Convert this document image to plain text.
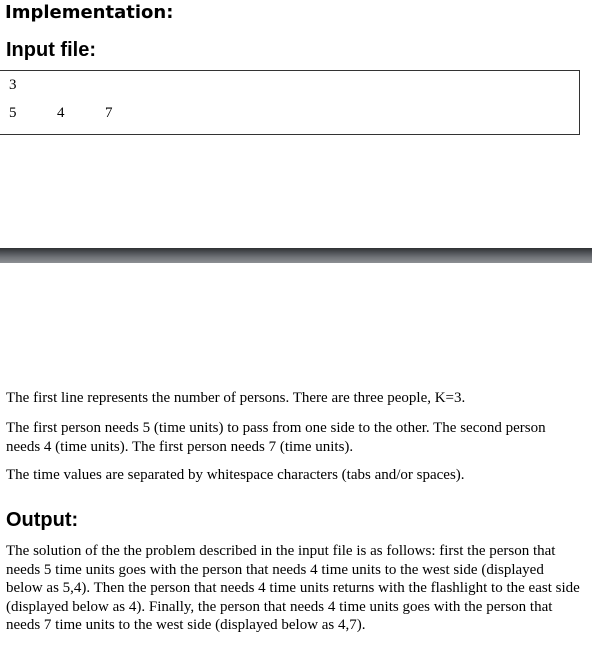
Implementation:
Input file:
3
5	4	7

The first line represents the number of persons. There are three people, K=3.

The first person needs 5 (time units) to pass from one side to the other. The second person needs 4 (time units). The first person needs 7 (time units).

The time values are separated by whitespace characters (tabs and/or spaces).

Output:

The solution of the the problem described in the input file is as follows: first the person that needs 5 time units goes with the person that needs 4 time units to the west side (displayed below as 5,4). Then the person that needs 4 time units returns with the flashlight to the east side (displayed below as 4). Finally, the person that needs 4 time units goes with the person that needs 7 time units to the west side (displayed below as 4,7).
